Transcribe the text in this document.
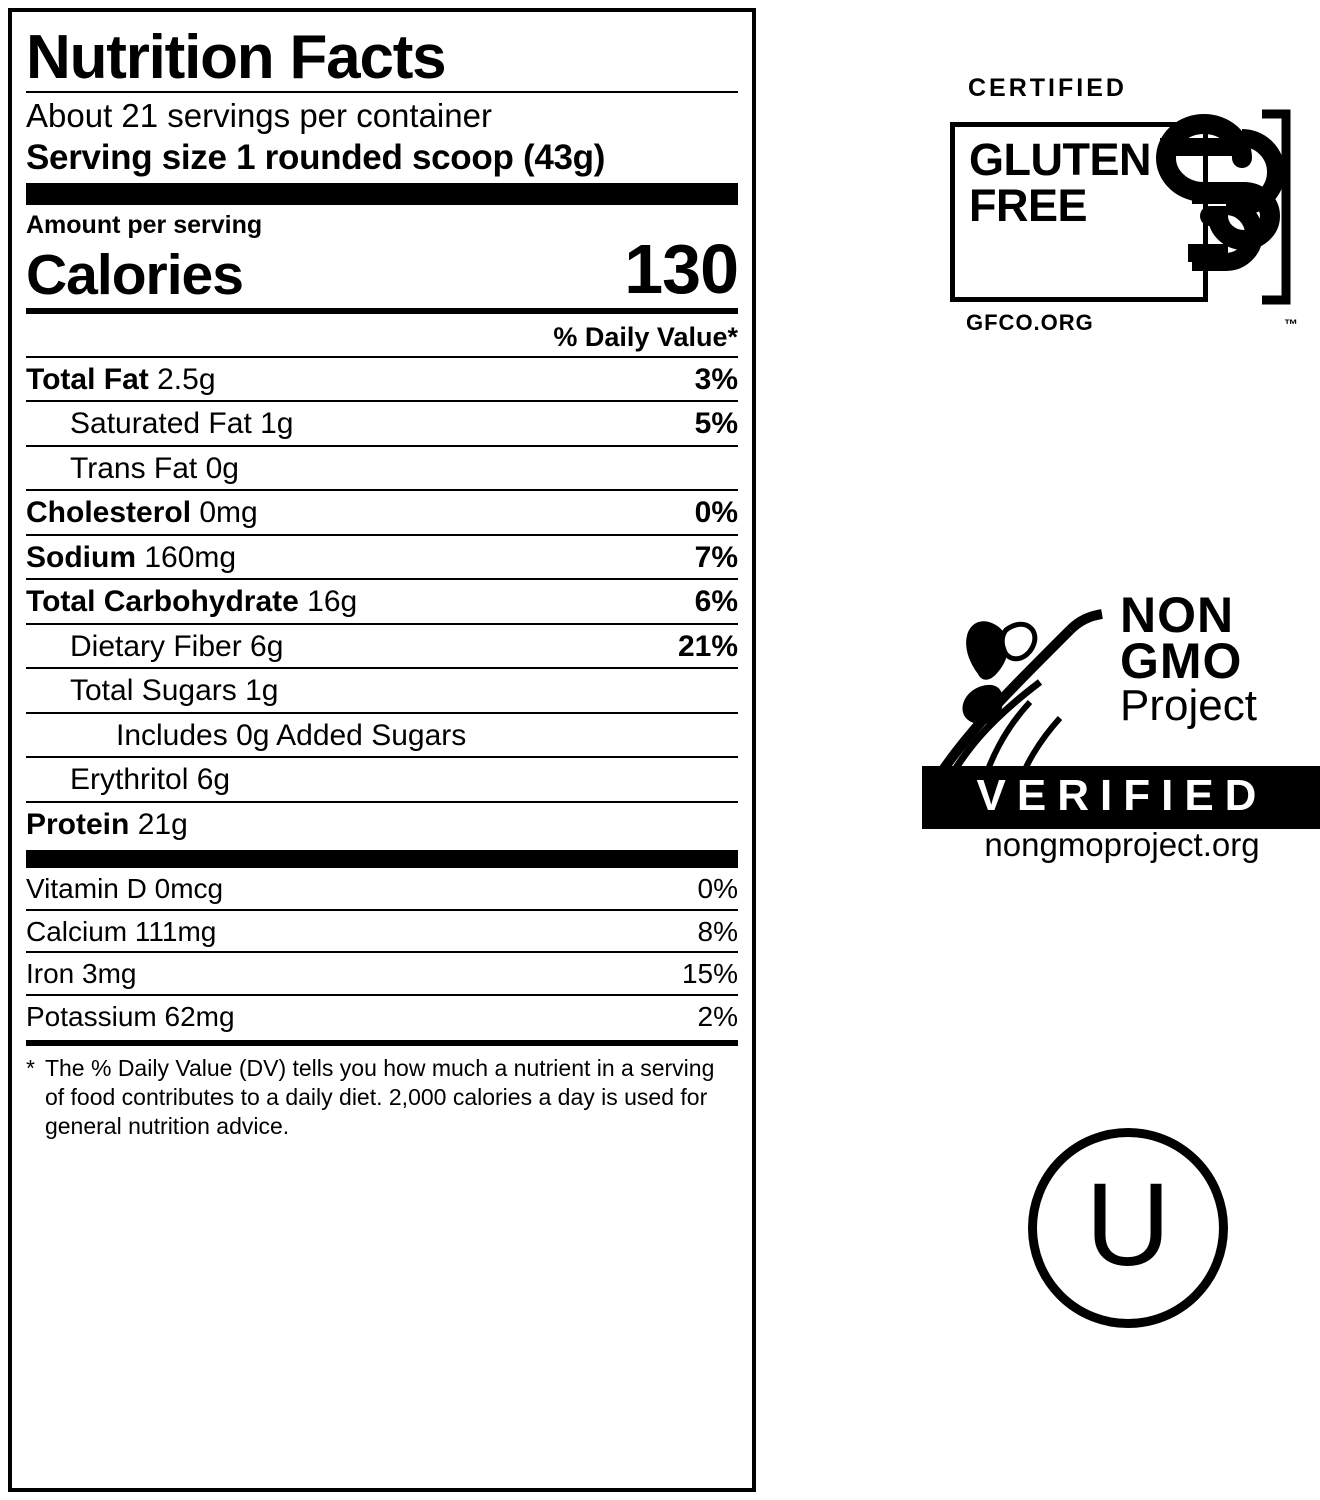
Nutrition Facts
About 21 servings per container
Serving size 1 rounded scoop (43g)
Amount per serving
Calories	130
% Daily Value*
Total Fat 2.5g	3%
Saturated Fat 1g	5%
Trans Fat 0g
Cholesterol 0mg	0%
Sodium 160mg	7%
Total Carbohydrate 16g	6%
Dietary Fiber 6g	21%
Total Sugars 1g
Includes 0g Added Sugars
Erythritol 6g
Protein 21g
Vitamin D 0mcg	0%
Calcium 111mg	8%
Iron 3mg	15%
Potassium 62mg	2%
* The % Daily Value (DV) tells you how much a nutrient in a serving of food contributes to a daily diet. 2,000 calories a day is used for general nutrition advice.
CERTIFIED
GLUTEN
FREE
™
GFCO.ORG
NON
GMO
Project
VERIFIED
nongmoproject.org
U
